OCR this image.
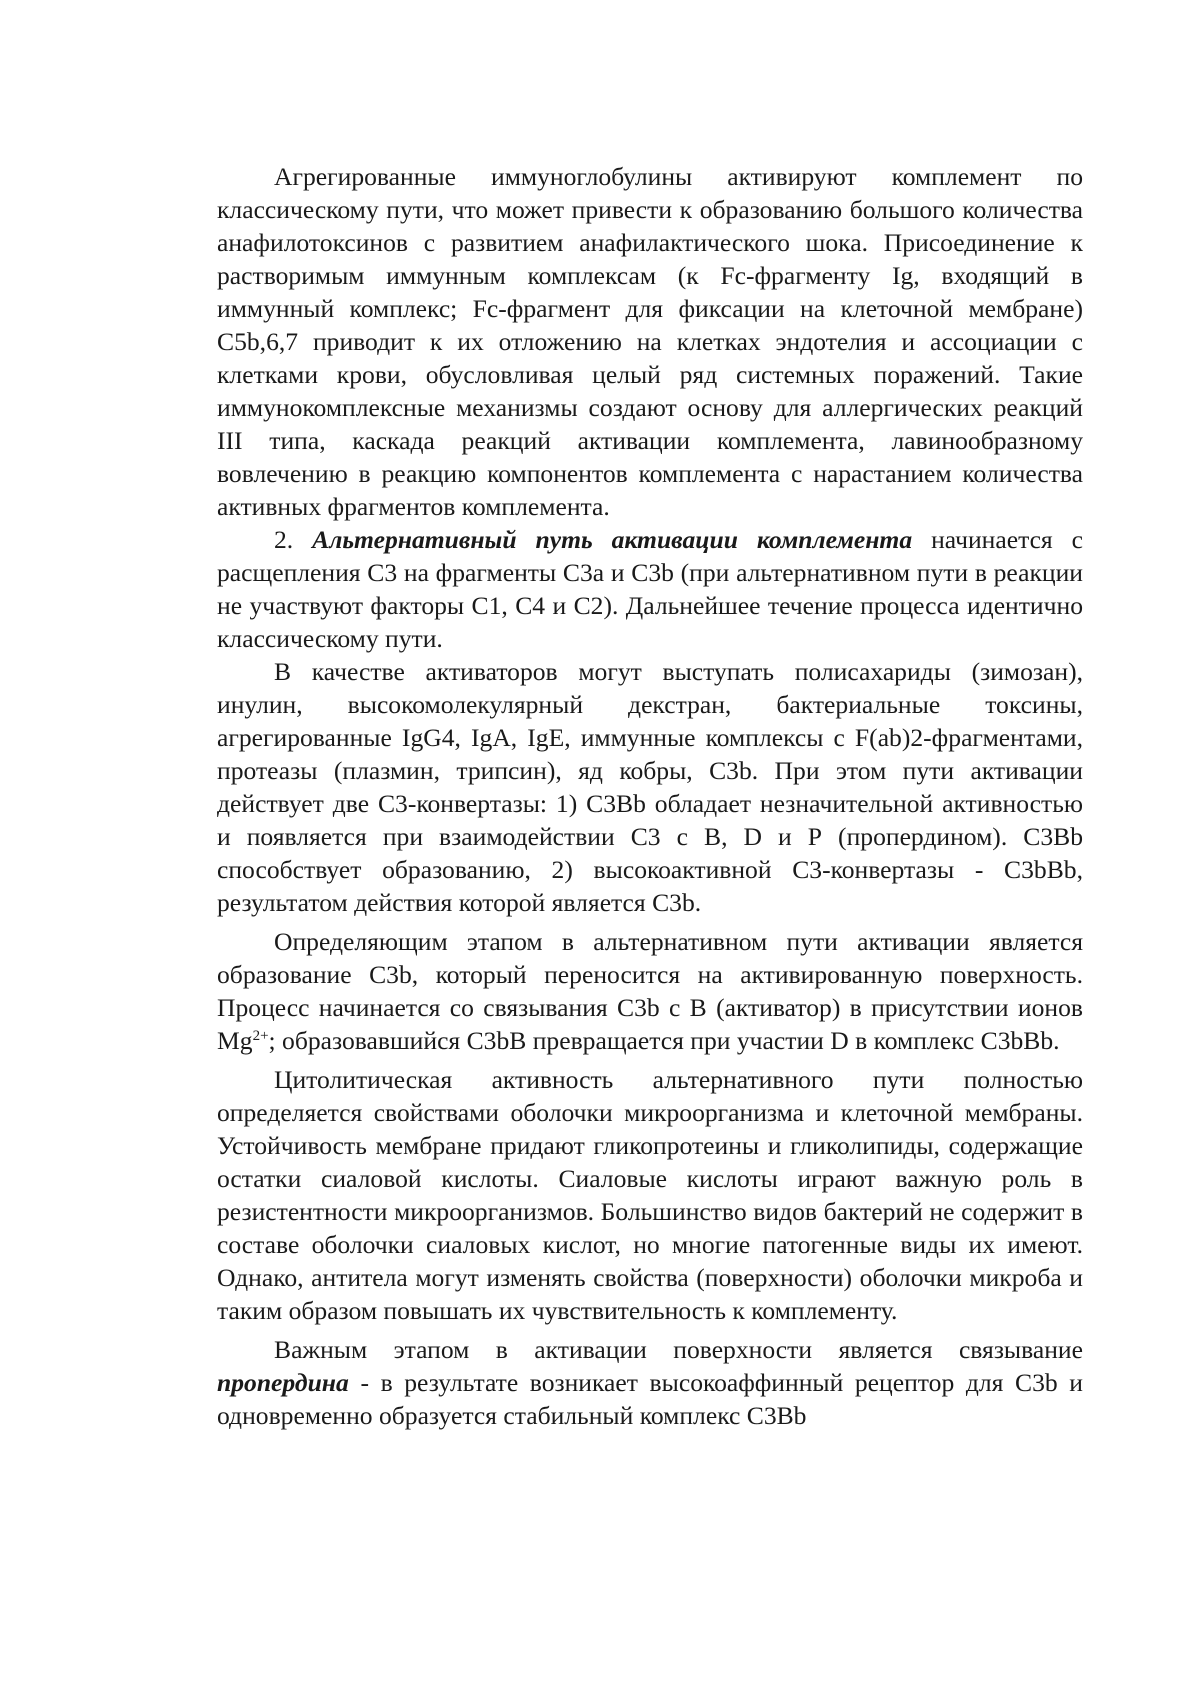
Агрегированные иммуноглобулины активируют комплемент по классическому пути, что может привести к образованию большого количества анафилотоксинов с развитием анафилактического шока. Присоединение к растворимым иммунным комплексам (к Fc-фрагменту Ig, входящий в иммунный комплекс; Fc-фрагмент для фиксации на клеточной мембране) C5b,6,7 приводит к их отложению на клетках эндотелия и ассоциации с клетками крови, обусловливая целый ряд системных поражений. Такие иммунокомплексные механизмы создают основу для аллергических реакций III типа, каскада реакций активации комплемента, лавинообразному вовлечению в реакцию компонентов комплемента с нарастанием количества активных фрагментов комплемента.

2. Альтернативный путь активации комплемента начинается с расщепления С3 на фрагменты С3а и С3b (при альтернативном пути в реакции не участвуют факторы С1, С4 и С2). Дальнейшее течение процесса идентично классическому пути.

В качестве активаторов могут выступать полисахариды (зимозан), инулин, высокомолекулярный декстран, бактериальные токсины, агрегированные IgG4, IgA, IgE, иммунные комплексы с F(ab)2-фрагментами, протеазы (плазмин, трипсин), яд кобры, С3b. При этом пути активации действует две С3-конвертазы: 1) С3Вb обладает незначительной активностью и появляется при взаимодействии С3 с В, D и Р (пропердином). С3Вb способствует образованию, 2) высокоактивной С3-конвертазы - С3bBb, результатом действия которой является С3b.

Определяющим этапом в альтернативном пути активации является образование С3b, который переносится на активированную поверхность. Процесс начинается со связывания С3b с В (активатор) в присутствии ионов $Mg^{2+}$; образовавшийся С3bВ превращается при участии D в комплекс С3bBb.

Цитолитическая активность альтернативного пути полностью определяется свойствами оболочки микроорганизма и клеточной мембраны. Устойчивость мембране придают гликопротеины и гликолипиды, содержащие остатки сиаловой кислоты. Сиаловые кислоты играют важную роль в резистентности микроорганизмов. Большинство видов бактерий не содержит в составе оболочки сиаловых кислот, но многие патогенные виды их имеют. Однако, антитела могут изменять свойства (поверхности) оболочки микроба и таким образом повышать их чувствительность к комплементу.

Важным этапом в активации поверхности является связывание пропердина - в результате возникает высокоаффинный рецептор для С3b и одновременно образуется стабильный комплекс С3Вb
